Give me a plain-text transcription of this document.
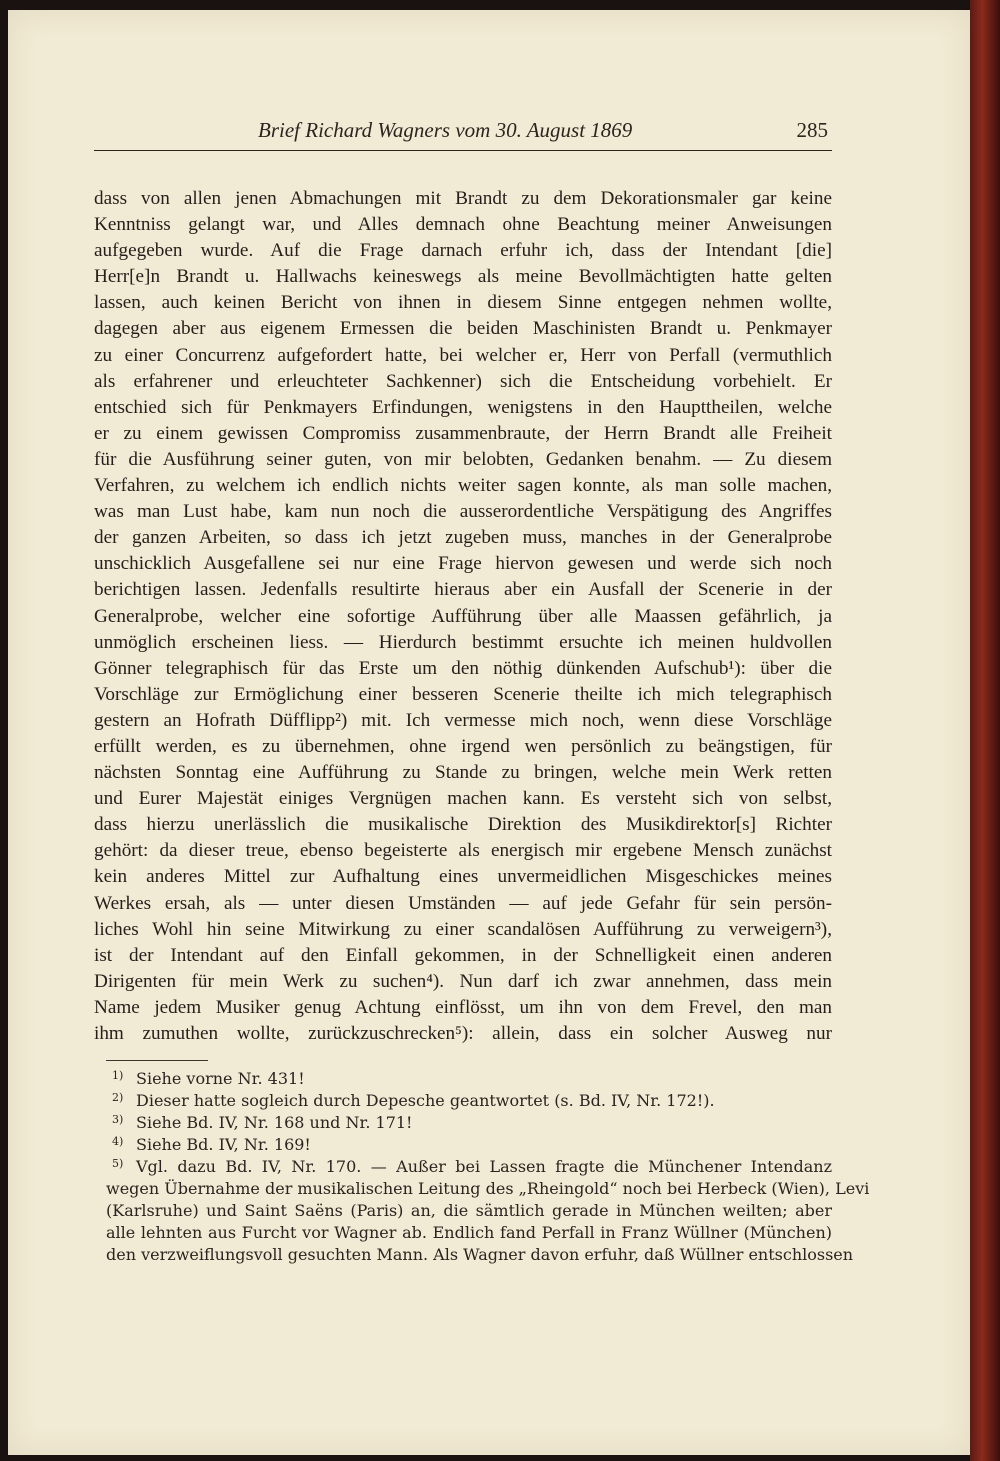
Brief Richard Wagners vom 30. August 1869	285
dass von allen jenen Abmachungen mit Brandt zu dem Dekorationsmaler gar keine
Kenntniss gelangt war, und Alles demnach ohne Beachtung meiner Anweisungen
aufgegeben wurde. Auf die Frage darnach erfuhr ich, dass der Intendant [die]
Herr[e]n Brandt u. Hallwachs keineswegs als meine Bevollmächtigten hatte gelten
lassen, auch keinen Bericht von ihnen in diesem Sinne entgegen nehmen wollte,
dagegen aber aus eigenem Ermessen die beiden Maschinisten Brandt u. Penkmayer
zu einer Concurrenz aufgefordert hatte, bei welcher er, Herr von Perfall (vermuthlich
als erfahrener und erleuchteter Sachkenner) sich die Entscheidung vorbehielt. Er
entschied sich für Penkmayers Erfindungen, wenigstens in den Haupttheilen, welche
er zu einem gewissen Compromiss zusammenbraute, der Herrn Brandt alle Freiheit
für die Ausführung seiner guten, von mir belobten, Gedanken benahm. — Zu diesem
Verfahren, zu welchem ich endlich nichts weiter sagen konnte, als man solle machen,
was man Lust habe, kam nun noch die ausserordentliche Verspätigung des Angriffes
der ganzen Arbeiten, so dass ich jetzt zugeben muss, manches in der Generalprobe
unschicklich Ausgefallene sei nur eine Frage hiervon gewesen und werde sich noch
berichtigen lassen. Jedenfalls resultirte hieraus aber ein Ausfall der Scenerie in der
Generalprobe, welcher eine sofortige Aufführung über alle Maassen gefährlich, ja
unmöglich erscheinen liess. — Hierdurch bestimmt ersuchte ich meinen huldvollen
Gönner telegraphisch für das Erste um den nöthig dünkenden Aufschub¹): über die
Vorschläge zur Ermöglichung einer besseren Scenerie theilte ich mich telegraphisch
gestern an Hofrath Düfflipp²) mit. Ich vermesse mich noch, wenn diese Vorschläge
erfüllt werden, es zu übernehmen, ohne irgend wen persönlich zu beängstigen, für
nächsten Sonntag eine Aufführung zu Stande zu bringen, welche mein Werk retten
und Eurer Majestät einiges Vergnügen machen kann. Es versteht sich von selbst,
dass hierzu unerlässlich die musikalische Direktion des Musikdirektor[s] Richter
gehört: da dieser treue, ebenso begeisterte als energisch mir ergebene Mensch zunächst
kein anderes Mittel zur Aufhaltung eines unvermeidlichen Misgeschickes meines
Werkes ersah, als — unter diesen Umständen — auf jede Gefahr für sein persön-
liches Wohl hin seine Mitwirkung zu einer scandalösen Aufführung zu verweigern³),
ist der Intendant auf den Einfall gekommen, in der Schnelligkeit einen anderen
Dirigenten für mein Werk zu suchen⁴). Nun darf ich zwar annehmen, dass mein
Name jedem Musiker genug Achtung einflösst, um ihn von dem Frevel, den man
ihm zumuthen wollte, zurückzuschrecken⁵): allein, dass ein solcher Ausweg nur
1) Siehe vorne Nr. 431!
2) Dieser hatte sogleich durch Depesche geantwortet (s. Bd. IV, Nr. 172!).
3) Siehe Bd. IV, Nr. 168 und Nr. 171!
4) Siehe Bd. IV, Nr. 169!
5) Vgl. dazu Bd. IV, Nr. 170. — Außer bei Lassen fragte die Münchener Intendanz
wegen Übernahme der musikalischen Leitung des „Rheingold“ noch bei Herbeck (Wien), Levi
(Karlsruhe) und Saint Saëns (Paris) an, die sämtlich gerade in München weilten; aber
alle lehnten aus Furcht vor Wagner ab. Endlich fand Perfall in Franz Wüllner (München)
den verzweiflungsvoll gesuchten Mann. Als Wagner davon erfuhr, daß Wüllner entschlossen
